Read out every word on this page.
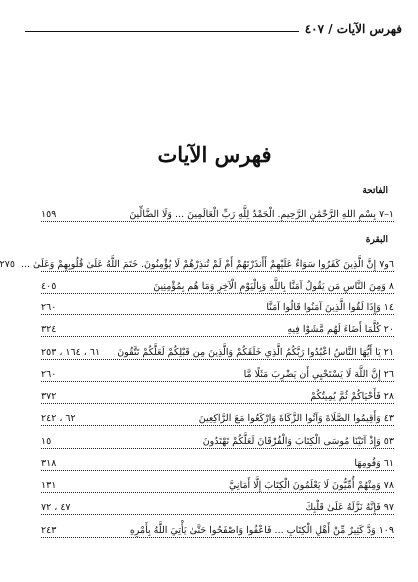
فهرس الآيات / ٤٠٧
فهرس الآيات
الفاتحة
البقرة
١–٧ بِسْمِ اللهِ الرَّحْمَٰنِ الرَّحِيمِ. الْحَمْدُ لِلَّهِ رَبِّ الْعَالَمِينَ ... وَلَا الضَّالِّينَ
١٥٩
٦و٧ إِنَّ الَّذِينَ كَفَرُوا سَوَاءٌ عَلَيْهِمْ أَأَنذَرْتَهُمْ أَمْ لَمْ تُنذِرْهُمْ لَا يُؤْمِنُونَ. خَتَمَ اللَّهُ عَلَىٰ قُلُوبِهِمْ وَعَلَىٰ ...
٢٧٥
٨ وَمِنَ النَّاسِ مَن يَقُولُ آمَنَّا بِاللَّهِ وَبِالْيَوْمِ الْآخِرِ وَمَا هُم بِمُؤْمِنِينَ
٤٠٥
١٤ وَإِذَا لَقُوا الَّذِينَ آمَنُوا قَالُوا آمَنَّا
٢٦٠
٢٠ كُلَّمَا أَضَاءَ لَهُم مَّشَوْا فِيهِ
٣٢٤
٢١ يَا أَيُّهَا النَّاسُ اعْبُدُوا رَبَّكُمُ الَّذِي خَلَقَكُمْ وَالَّذِينَ مِن قَبْلِكُمْ لَعَلَّكُمْ تَتَّقُونَ
٦١ ، ١٦٤ ، ٢٥٣
٢٦ إِنَّ اللَّهَ لَا يَسْتَحْيِي أَن يَضْرِبَ مَثَلًا مَّا
٢٦٠
٢٨ فَأَحْيَاكُمْ ثُمَّ يُمِيتُكُمْ
٣٧٢
٤٣ وَأَقِيمُوا الصَّلَاةَ وَآتُوا الزَّكَاةَ وَارْكَعُوا مَعَ الرَّاكِعِينَ
٦٢ ، ٢٤٢
٥٣ وَإِذْ آتَيْنَا مُوسَى الْكِتَابَ وَالْفُرْقَانَ لَعَلَّكُمْ تَهْتَدُونَ
١٥
٦١ وَفُومِهَا
٣١٨
٧٨ وَمِنْهُمْ أُمِّيُّونَ لَا يَعْلَمُونَ الْكِتَابَ إِلَّا أَمَانِيَّ
١٣١
٩٧ فَإِنَّهُ نَزَّلَهُ عَلَىٰ قَلْبِكَ
٤٧ ، ٧٢
١٠٩ وَدَّ كَثِيرٌ مِّنْ أَهْلِ الْكِتَابِ ... فَاعْفُوا وَاصْفَحُوا حَتَّىٰ يَأْتِيَ اللَّهُ بِأَمْرِهِ
٢٤٣
